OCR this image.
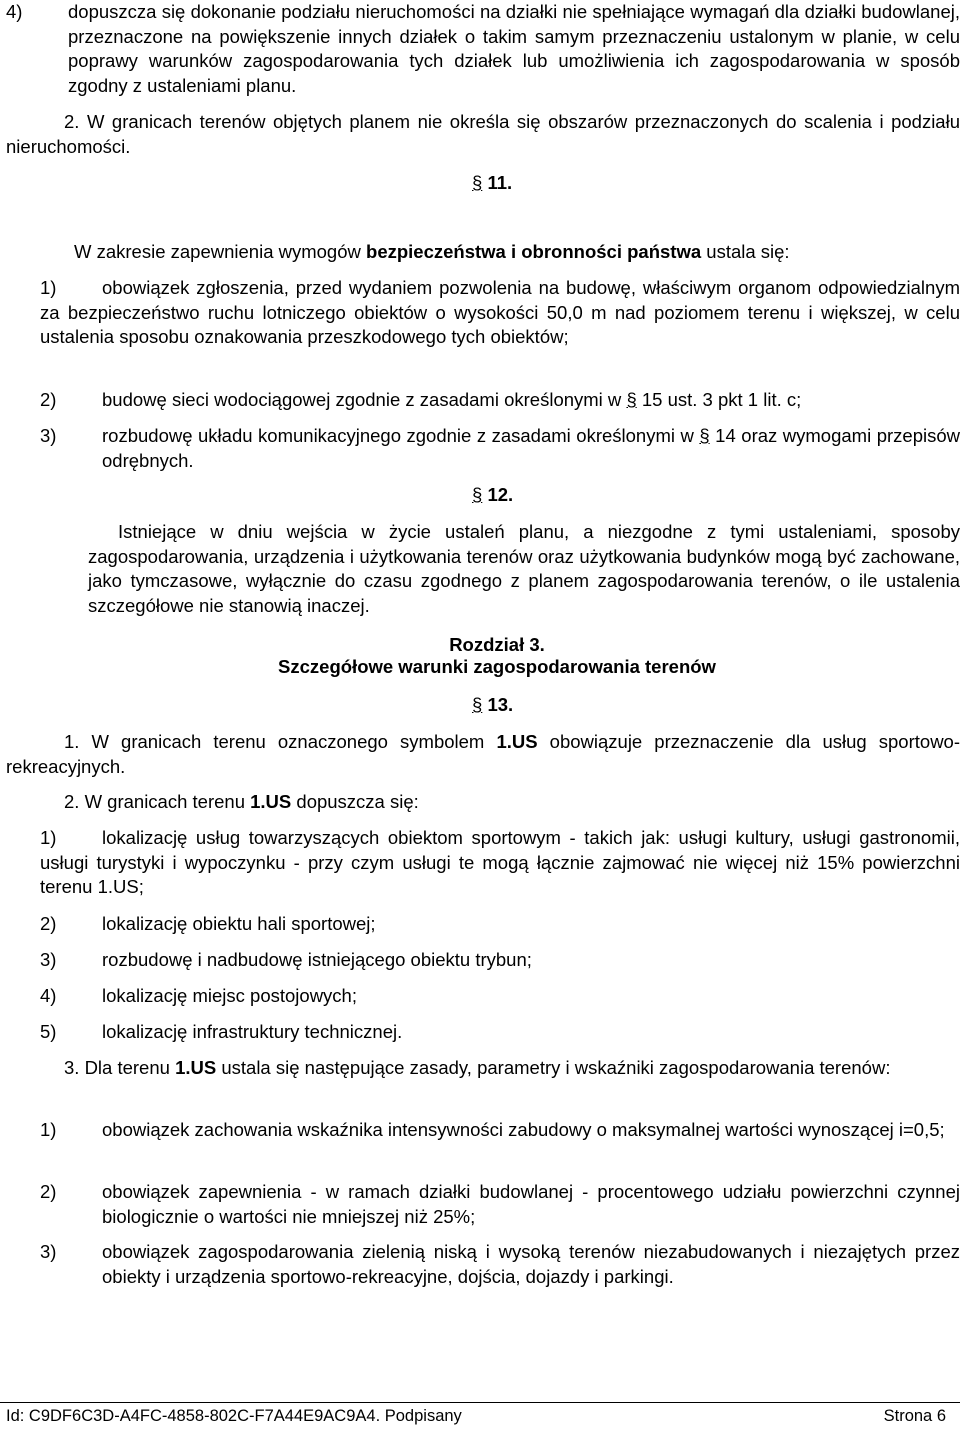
4)	dopuszcza się dokonanie podziału nieruchomości na działki nie spełniające wymagań dla działki budowlanej, przeznaczone na powiększenie innych działek o takim samym przeznaczeniu ustalonym w planie, w celu poprawy warunków zagospodarowania tych działek lub umożliwienia ich zagospodarowania w sposób zgodny z ustaleniami planu.
2. W granicach terenów objętych planem nie określa się obszarów przeznaczonych do scalenia i podziału nieruchomości.
§ 11.
W zakresie zapewnienia wymogów bezpieczeństwa i obronności państwa ustala się:
1)	obowiązek zgłoszenia, przed wydaniem pozwolenia na budowę, właściwym organom odpowiedzialnym za bezpieczeństwo ruchu lotniczego obiektów o wysokości 50,0 m nad poziomem terenu i większej, w celu ustalenia sposobu oznakowania przeszkodowego tych obiektów;
2)	budowę sieci wodociągowej zgodnie z zasadami określonymi w § 15 ust. 3 pkt 1 lit. c;
3)	rozbudowę układu komunikacyjnego zgodnie z zasadami określonymi w § 14 oraz wymogami przepisów odrębnych.
§ 12.
Istniejące w dniu wejścia w życie ustaleń planu, a niezgodne z tymi ustaleniami, sposoby zagospodarowania, urządzenia i użytkowania terenów oraz użytkowania budynków mogą być zachowane, jako tymczasowe, wyłącznie do czasu zgodnego z planem zagospodarowania terenów, o ile ustalenia szczegółowe nie stanowią inaczej.
Rozdział 3.
Szczegółowe warunki zagospodarowania terenów
§ 13.
1. W granicach terenu oznaczonego symbolem 1.US obowiązuje przeznaczenie dla usług sportowo-rekreacyjnych.
2. W granicach terenu 1.US dopuszcza się:
1)	lokalizację usług towarzyszących obiektom sportowym - takich jak: usługi kultury, usługi gastronomii, usługi turystyki i wypoczynku - przy czym usługi te mogą łącznie zajmować nie więcej niż 15% powierzchni terenu 1.US;
2)	lokalizację obiektu hali sportowej;
3)	rozbudowę i nadbudowę istniejącego obiektu trybun;
4)	lokalizację miejsc postojowych;
5)	lokalizację infrastruktury technicznej.
3. Dla terenu 1.US ustala się następujące zasady, parametry i wskaźniki zagospodarowania terenów:
1)	obowiązek zachowania wskaźnika intensywności zabudowy o maksymalnej wartości wynoszącej i=0,5;
2)	obowiązek zapewnienia - w ramach działki budowlanej - procentowego udziału powierzchni czynnej biologicznie o wartości nie mniejszej niż 25%;
3)	obowiązek zagospodarowania zielenią niską i wysoką terenów niezabudowanych i niezajętych przez obiekty i urządzenia sportowo-rekreacyjne, dojścia, dojazdy i parkingi.
Id: C9DF6C3D-A4FC-4858-802C-F7A44E9AC9A4. Podpisany	Strona 6
